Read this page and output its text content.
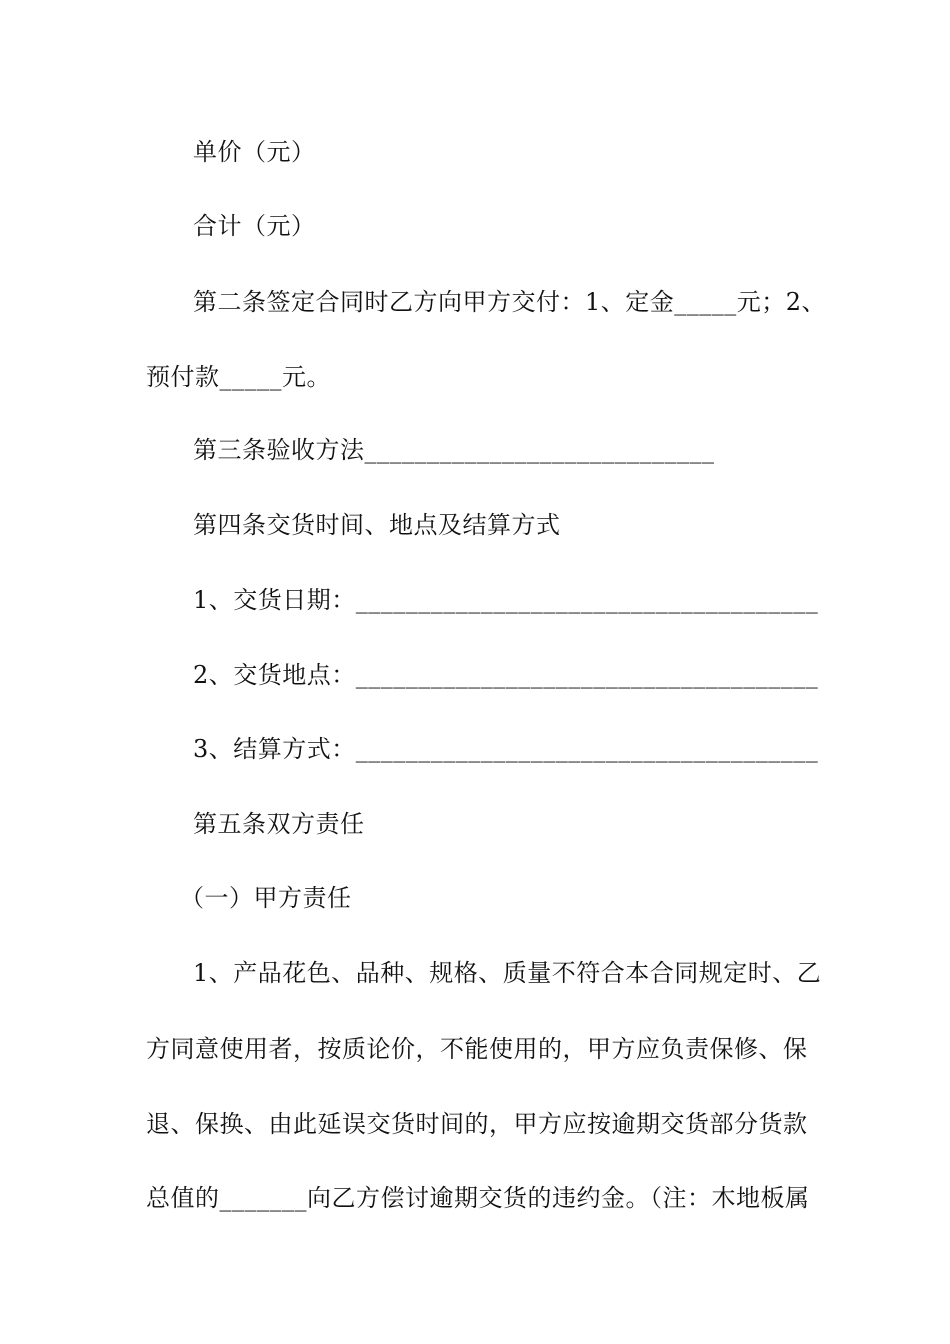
单价（元）

合计（元）

第二条签定合同时乙方向甲方交付：1、定金_____元；2、

预付款_____元。

第三条验收方法____________________________

第四条交货时间、地点及结算方式

1、交货日期：_____________________________________

2、交货地点：_____________________________________

3、结算方式：_____________________________________

第五条双方责任

（一）甲方责任

1、产品花色、品种、规格、质量不符合本合同规定时、乙

方同意使用者，按质论价，不能使用的，甲方应负责保修、保

退、保换、由此延误交货时间的，甲方应按逾期交货部分货款

总值的_______向乙方偿讨逾期交货的违约金。（注：木地板属
